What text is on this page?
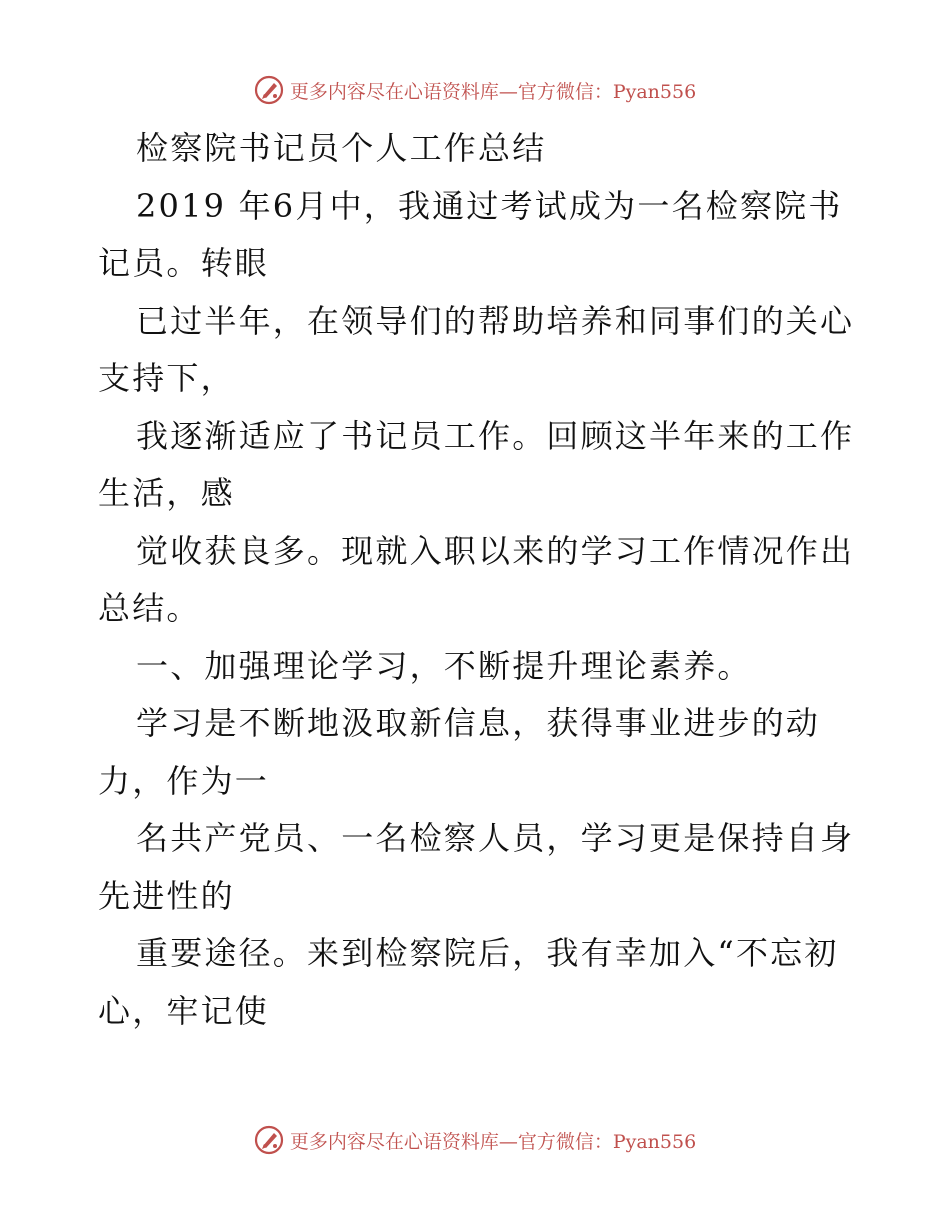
更多内容尽在心语资料库—官方微信：Pyan556
检察院书记员个人工作总结
2019 年6月中，我通过考试成为一名检察院书
记员。转眼
已过半年，在领导们的帮助培养和同事们的关心
支持下，
我逐渐适应了书记员工作。回顾这半年来的工作
生活，感
觉收获良多。现就入职以来的学习工作情况作出
总结。
一、加强理论学习，不断提升理论素养。
学习是不断地汲取新信息，获得事业进步的动
力，作为一
名共产党员、一名检察人员，学习更是保持自身
先进性的
重要途径。来到检察院后，我有幸加入“不忘初
心，牢记使
更多内容尽在心语资料库—官方微信：Pyan556
